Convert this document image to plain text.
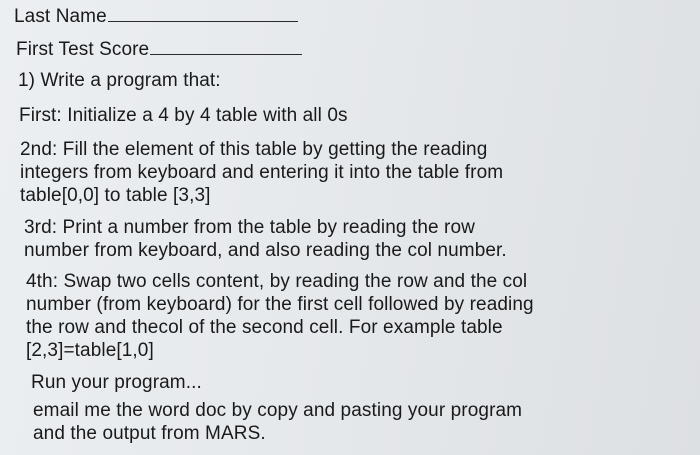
Last Name
First Test Score
1) Write a program that:
First: Initialize a 4 by 4 table with all 0s
2nd: Fill the element of this table by getting the reading
integers from keyboard and entering it into the table from
table[0,0] to table [3,3]
3rd: Print a number from the table by reading the row
number from keyboard, and also reading the col number.
4th: Swap two cells content, by reading the row and the col
number (from keyboard) for the first cell followed by reading
the row and thecol of the second cell. For example table
[2,3]=table[1,0]
Run your program...
email me the word doc by copy and pasting your program
and the output from MARS.
